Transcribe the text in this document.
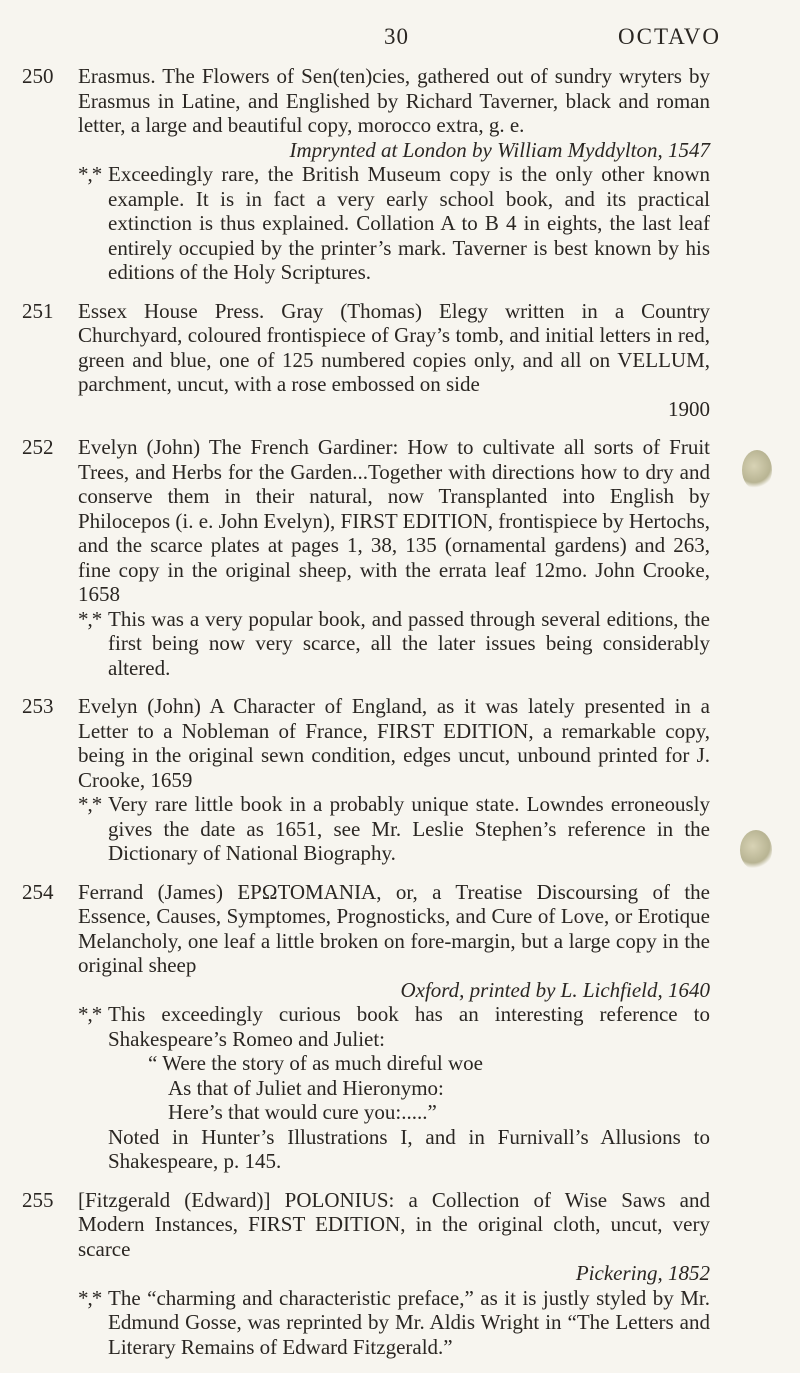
30	OCTAVO
250	Erasmus. The Flowers of Sen(ten)cies, gathered out of sundry wryters by Erasmus in Latine, and Englished by Richard Taverner, black and roman letter, a large and beautiful copy, morocco extra, g. e.
Imprynted at London by William Myddylton, 1547
*,* Exceedingly rare, the British Museum copy is the only other known example. It is in fact a very early school book, and its practical extinction is thus explained. Collation A to B 4 in eights, the last leaf entirely occupied by the printer’s mark. Taverner is best known by his editions of the Holy Scriptures.
251	Essex House Press. Gray (Thomas) Elegy written in a Country Churchyard, coloured frontispiece of Gray’s tomb, and initial letters in red, green and blue, one of 125 numbered copies only, and all on VELLUM, parchment, uncut, with a rose embossed on side
1900
252	Evelyn (John) The French Gardiner: How to cultivate all sorts of Fruit Trees, and Herbs for the Garden...Together with directions how to dry and conserve them in their natural, now Transplanted into English by Philocepos (i. e. John Evelyn), FIRST EDITION, frontispiece by Hertochs, and the scarce plates at pages 1, 38, 135 (ornamental gardens) and 263, fine copy in the original sheep, with the errata leaf 12mo. John Crooke, 1658
*,* This was a very popular book, and passed through several editions, the first being now very scarce, all the later issues being considerably altered.
253	Evelyn (John) A Character of England, as it was lately presented in a Letter to a Nobleman of France, FIRST EDITION, a remarkable copy, being in the original sewn condition, edges uncut, unbound printed for J. Crooke, 1659
*,* Very rare little book in a probably unique state. Lowndes erroneously gives the date as 1651, see Mr. Leslie Stephen’s reference in the Dictionary of National Biography.
254	Ferrand (James) ΕΡΩΤΟΜΑΝΙΑ, or, a Treatise Discoursing of the Essence, Causes, Symptomes, Prognosticks, and Cure of Love, or Erotique Melancholy, one leaf a little broken on fore-margin, but a large copy in the original sheep
Oxford, printed by L. Lichfield, 1640
*,* This exceedingly curious book has an interesting reference to Shakespeare’s Romeo and Juliet:
“ Were the story of as much direful woe
As that of Juliet and Hieronymo:
Here’s that would cure you:.....”
Noted in Hunter’s Illustrations I, and in Furnivall’s Allusions to Shakespeare, p. 145.
255	[Fitzgerald (Edward)] POLONIUS: a Collection of Wise Saws and Modern Instances, FIRST EDITION, in the original cloth, uncut, very scarce
Pickering, 1852
*,* The “charming and characteristic preface,” as it is justly styled by Mr. Edmund Gosse, was reprinted by Mr. Aldis Wright in “The Letters and Literary Remains of Edward Fitzgerald.”
